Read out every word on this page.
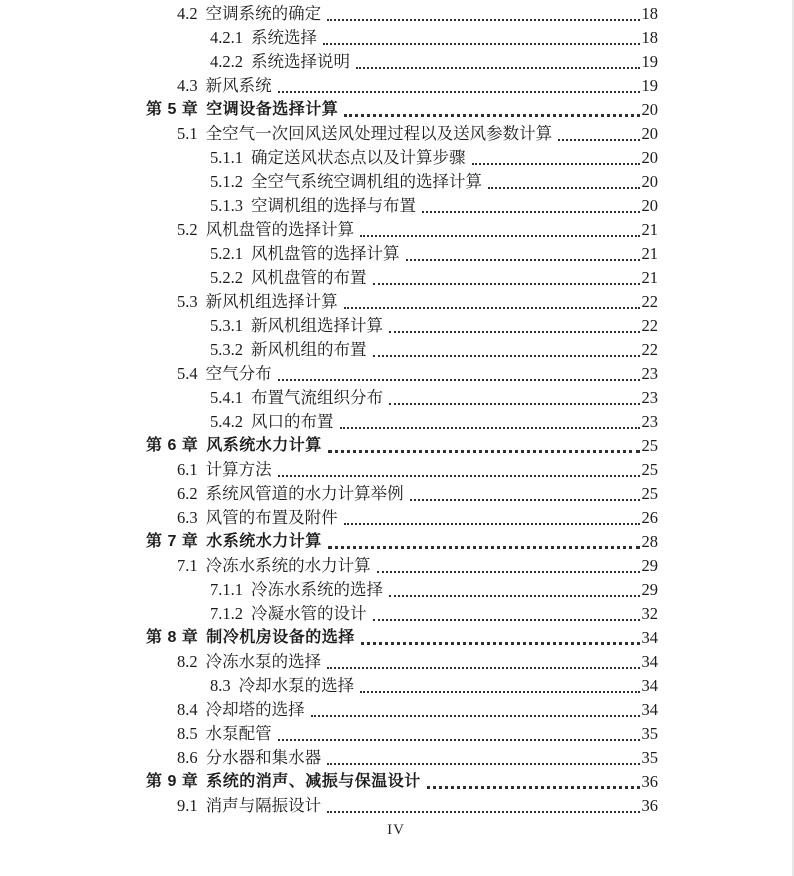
4.2 空调系统的确定	18
4.2.1 系统选择	18
4.2.2 系统选择说明	19
4.3 新风系统	19
第 5 章 空调设备选择计算	20
5.1 全空气一次回风送风处理过程以及送风参数计算	20
5.1.1 确定送风状态点以及计算步骤	20
5.1.2 全空气系统空调机组的选择计算	20
5.1.3 空调机组的选择与布置	20
5.2 风机盘管的选择计算	21
5.2.1 风机盘管的选择计算	21
5.2.2 风机盘管的布置	21
5.3 新风机组选择计算	22
5.3.1 新风机组选择计算	22
5.3.2 新风机组的布置	22
5.4 空气分布	23
5.4.1 布置气流组织分布	23
5.4.2 风口的布置	23
第 6 章 风系统水力计算	25
6.1 计算方法	25
6.2 系统风管道的水力计算举例	25
6.3 风管的布置及附件	26
第 7 章 水系统水力计算	28
7.1 冷冻水系统的水力计算	29
7.1.1 冷冻水系统的选择	29
7.1.2 冷凝水管的设计	32
第 8 章 制冷机房设备的选择	34
8.2 冷冻水泵的选择	34
8.3 冷却水泵的选择	34
8.4 冷却塔的选择	34
8.5 水泵配管	35
8.6 分水器和集水器	35
第 9 章 系统的消声、减振与保温设计	36
9.1 消声与隔振设计	36
IV
